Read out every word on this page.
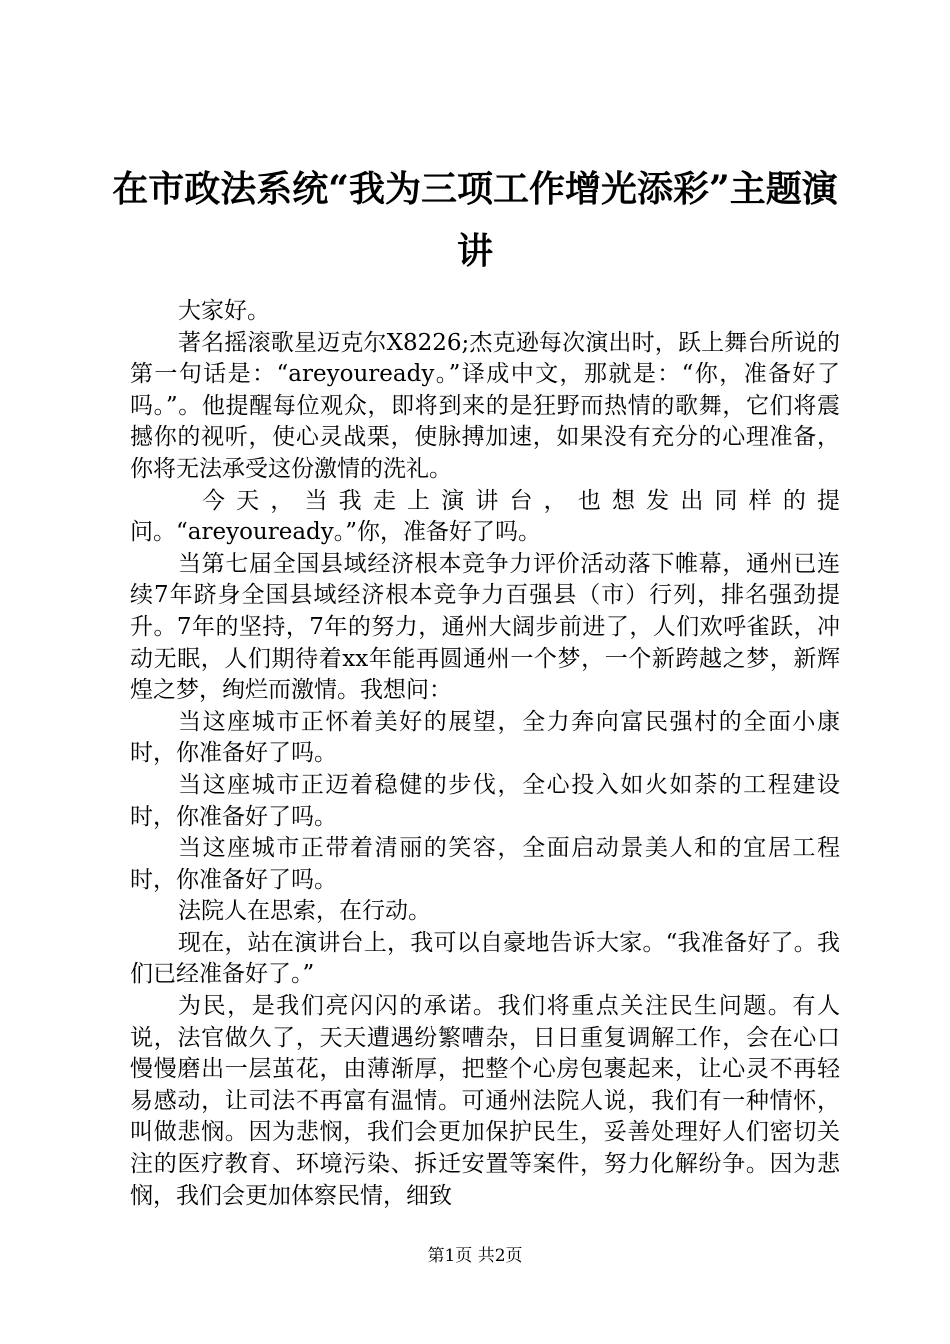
在市政法系统“我为三项工作增光添彩”主题演讲

大家好。

著名摇滚歌星迈克尔X8226;杰克逊每次演出时，跃上舞台所说的第一句话是：“areyouready。”译成中文，那就是：“你，准备好了吗。”。他提醒每位观众，即将到来的是狂野而热情的歌舞，它们将震撼你的视听，使心灵战栗，使脉搏加速，如果没有充分的心理准备，你将无法承受这份激情的洗礼。

今天，当我走上演讲台，也想发出同样的提问。“areyouready。”你，准备好了吗。

当第七届全国县域经济根本竞争力评价活动落下帷幕，通州已连续7年跻身全国县域经济根本竞争力百强县（市）行列，排名强劲提升。7年的坚持，7年的努力，通州大阔步前进了，人们欢呼雀跃，冲动无眠，人们期待着xx年能再圆通州一个梦，一个新跨越之梦，新辉煌之梦，绚烂而激情。我想问：

当这座城市正怀着美好的展望，全力奔向富民强村的全面小康时，你准备好了吗。

当这座城市正迈着稳健的步伐，全心投入如火如荼的工程建设时，你准备好了吗。

当这座城市正带着清丽的笑容，全面启动景美人和的宜居工程时，你准备好了吗。

法院人在思索，在行动。

现在，站在演讲台上，我可以自豪地告诉大家。“我准备好了。我们已经准备好了。”

为民，是我们亮闪闪的承诺。我们将重点关注民生问题。有人说，法官做久了，天天遭遇纷繁嘈杂，日日重复调解工作，会在心口慢慢磨出一层茧花，由薄渐厚，把整个心房包裹起来，让心灵不再轻易感动，让司法不再富有温情。可通州法院人说，我们有一种情怀，叫做悲悯。因为悲悯，我们会更加保护民生，妥善处理好人们密切关注的医疗教育、环境污染、拆迁安置等案件，努力化解纷争。因为悲悯，我们会更加体察民情，细致

第1页 共2页
